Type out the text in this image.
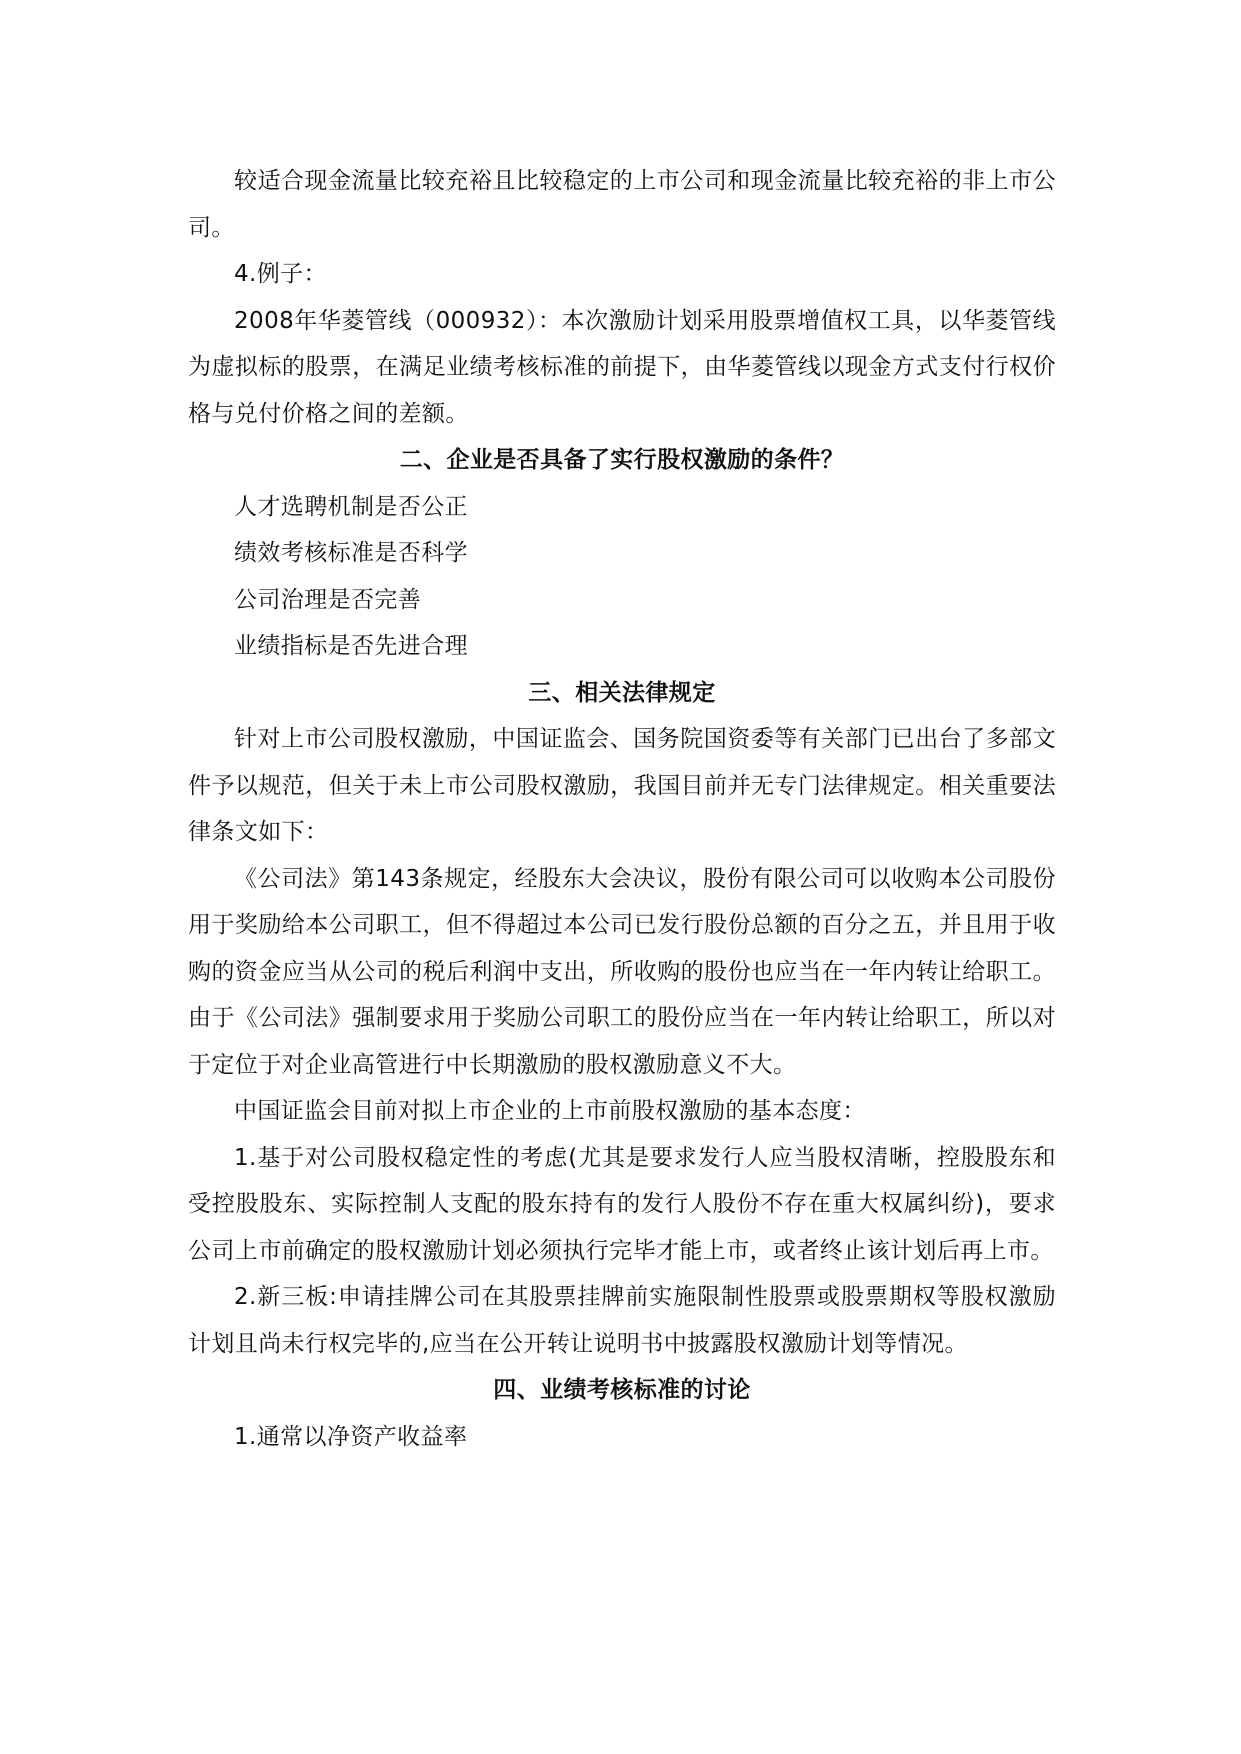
较适合现金流量比较充裕且比较稳定的上市公司和现金流量比较充裕的非上市公司。

4.例子：

2008年华菱管线（000932）：本次激励计划采用股票增值权工具，以华菱管线为虚拟标的股票，在满足业绩考核标准的前提下，由华菱管线以现金方式支付行权价格与兑付价格之间的差额。

二、企业是否具备了实行股权激励的条件？

人才选聘机制是否公正

绩效考核标准是否科学

公司治理是否完善

业绩指标是否先进合理

三、相关法律规定

针对上市公司股权激励，中国证监会、国务院国资委等有关部门已出台了多部文件予以规范，但关于未上市公司股权激励，我国目前并无专门法律规定。相关重要法律条文如下：

《公司法》第143条规定，经股东大会决议，股份有限公司可以收购本公司股份用于奖励给本公司职工，但不得超过本公司已发行股份总额的百分之五，并且用于收购的资金应当从公司的税后利润中支出，所收购的股份也应当在一年内转让给职工。由于《公司法》强制要求用于奖励公司职工的股份应当在一年内转让给职工，所以对于定位于对企业高管进行中长期激励的股权激励意义不大。

中国证监会目前对拟上市企业的上市前股权激励的基本态度：

1.基于对公司股权稳定性的考虑(尤其是要求发行人应当股权清晰，控股股东和受控股股东、实际控制人支配的股东持有的发行人股份不存在重大权属纠纷)，要求公司上市前确定的股权激励计划必须执行完毕才能上市，或者终止该计划后再上市。

2.新三板:申请挂牌公司在其股票挂牌前实施限制性股票或股票期权等股权激励计划且尚未行权完毕的,应当在公开转让说明书中披露股权激励计划等情况。

四、业绩考核标准的讨论

1.通常以净资产收益率
